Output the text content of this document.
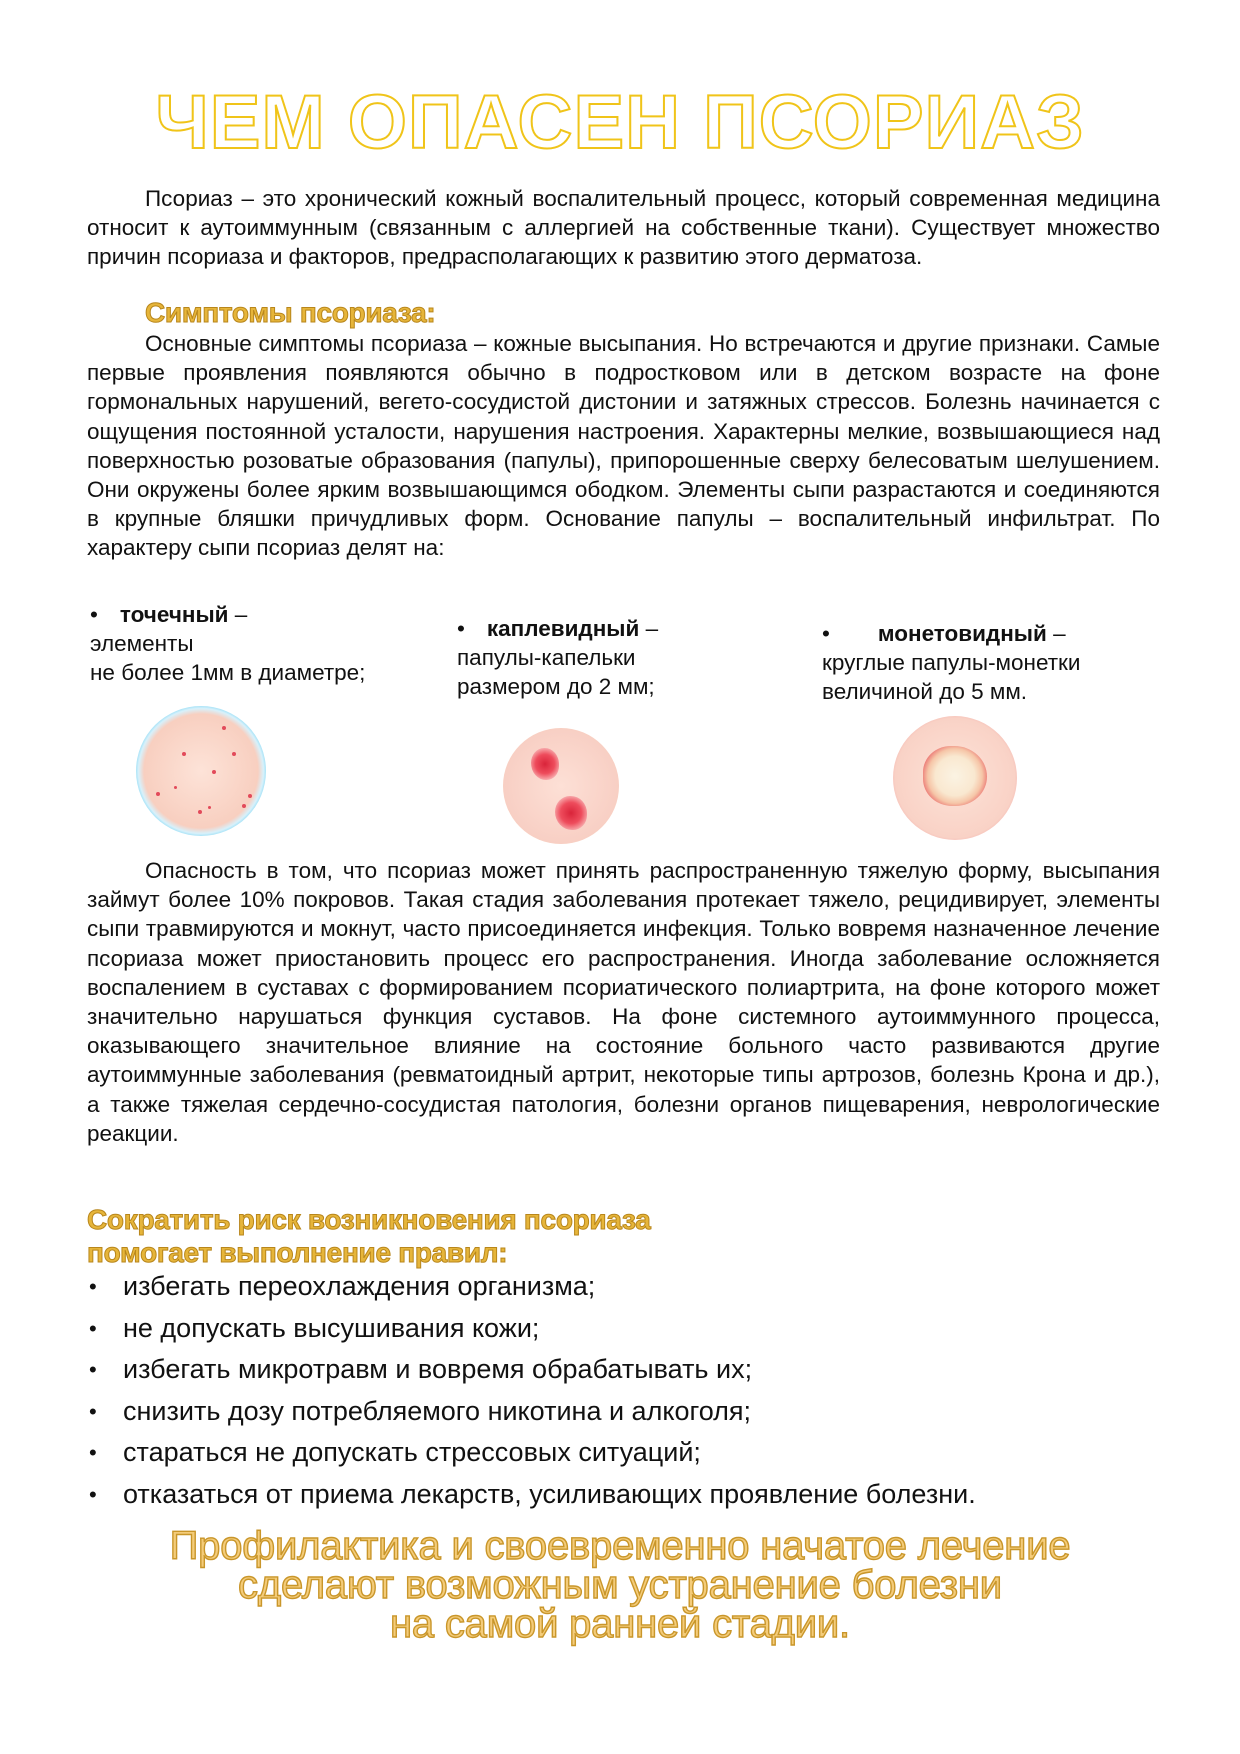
ЧЕМ ОПАСЕН ПСОРИАЗ
Псориаз – это хронический кожный воспалительный процесс, который современная медицина относит к аутоиммунным (связанным с аллергией на собственные ткани). Существует множество причин псориаза и факторов, предрасполагающих к развитию этого дерматоза.
Симптомы псориаза:
Основные симптомы псориаза – кожные высыпания. Но встречаются и другие признаки. Самые первые проявления появляются обычно в подростковом или в детском возрасте на фоне гормональных нарушений, вегето-сосудистой дистонии и затяжных стрессов. Болезнь начинается с ощущения постоянной усталости, нарушения настроения. Характерны мелкие, возвышающиеся над поверхностью розоватые образования (папулы), припорошенные сверху белесоватым шелушением. Они окружены более ярким возвышающимся ободком. Элементы сыпи разрастаются и соединяются в крупные бляшки причудливых форм. Основание папулы – воспалительный инфильтрат. По характеру сыпи псориаз делят на:
• точечный –
элементы
не более 1мм в диаметре;
• каплевидный –
папулы-капельки
размером до 2 мм;
• монетовидный –
круглые папулы-монетки
величиной до 5 мм.
Опасность в том, что псориаз может принять распространенную тяжелую форму, высыпания займут более 10% покровов. Такая стадия заболевания протекает тяжело, рецидивирует, элементы сыпи травмируются и мокнут, часто присоединяется инфекция. Только вовремя назначенное лечение псориаза может приостановить процесс его распространения. Иногда заболевание осложняется воспалением в суставах с формированием псориатического полиартрита, на фоне которого может значительно нарушаться функция суставов. На фоне системного аутоиммунного процесса, оказывающего значительное влияние на состояние больного часто развиваются другие аутоиммунные заболевания (ревматоидный артрит, некоторые типы артрозов, болезнь Крона и др.), а также тяжелая сердечно-сосудистая патология, болезни органов пищеварения, неврологические реакции.
Сократить риск возникновения псориаза
помогает выполнение правил:
• избегать переохлаждения организма;
• не допускать высушивания кожи;
• избегать микротравм и вовремя обрабатывать их;
• снизить дозу потребляемого никотина и алкоголя;
• стараться не допускать стрессовых ситуаций;
• отказаться от приема лекарств, усиливающих проявление болезни.
Профилактика и своевременно начатое лечение
сделают возможным устранение болезни
на самой ранней стадии.
